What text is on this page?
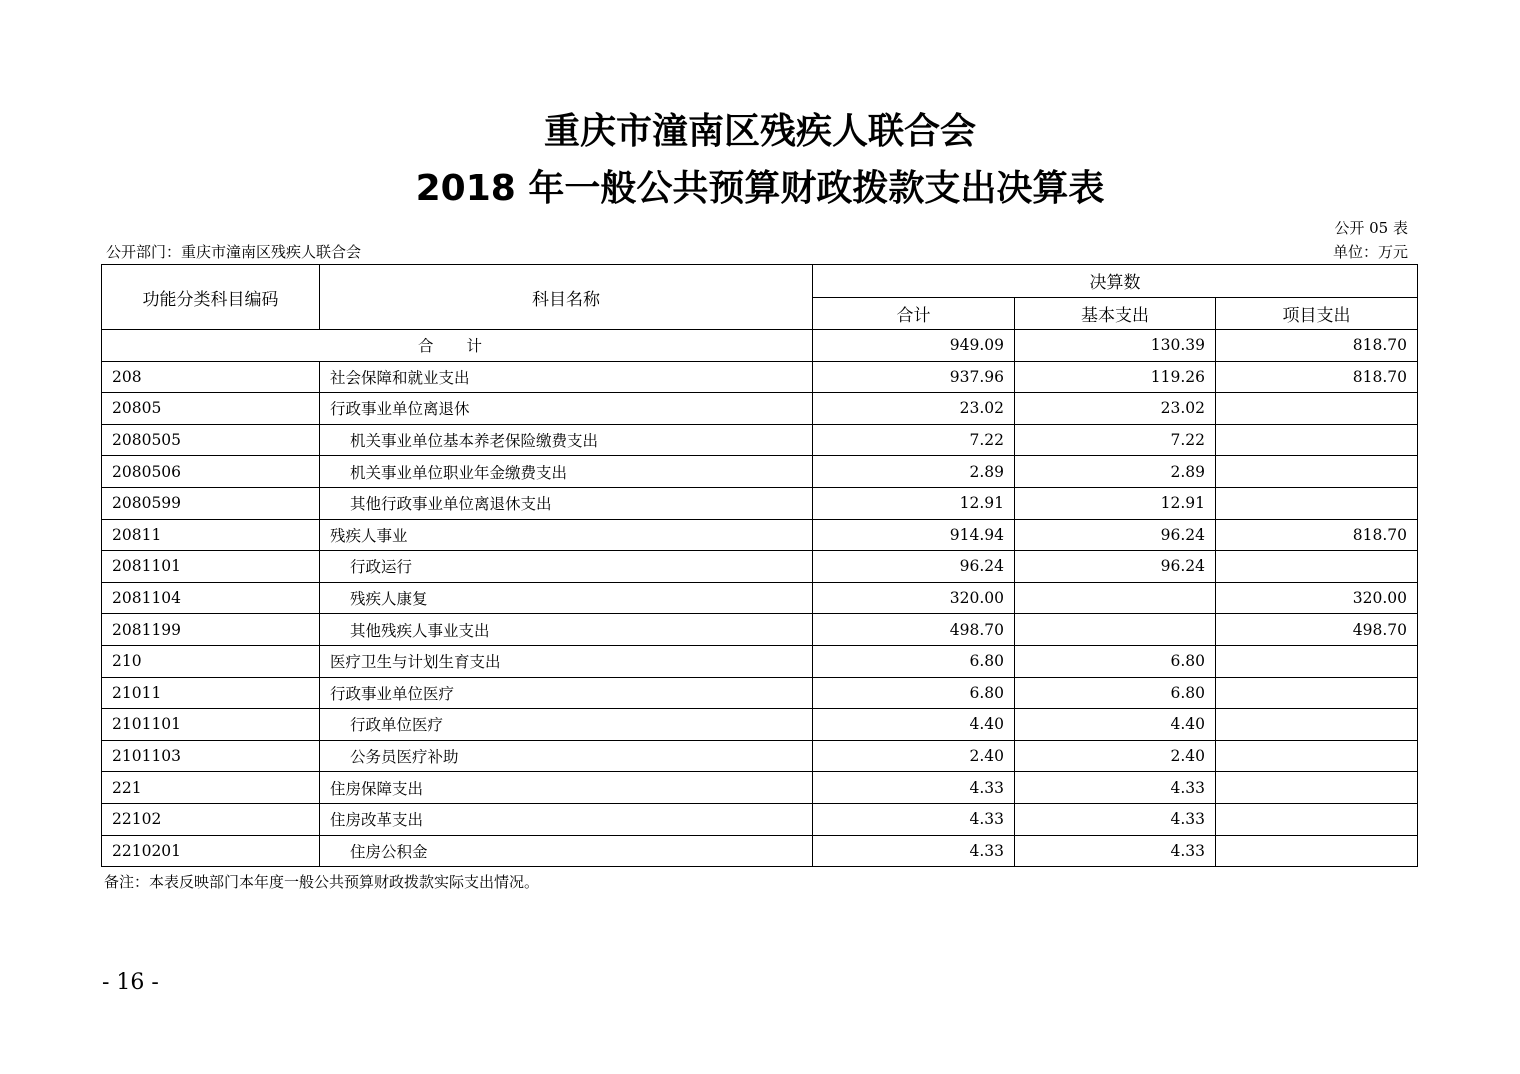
重庆市潼南区残疾人联合会
2018 年一般公共预算财政拨款支出决算表
公开 05 表
公开部门：重庆市潼南区残疾人联合会	单位：万元
功能分类科目编码	科目名称	决算数		
		合计	基本支出	项目支出
合 计		949.09	130.39	818.70
208	社会保障和就业支出	937.96	119.26	818.70
20805	行政事业单位离退休	23.02	23.02	
2080505	机关事业单位基本养老保险缴费支出	7.22	7.22	
2080506	机关事业单位职业年金缴费支出	2.89	2.89	
2080599	其他行政事业单位离退休支出	12.91	12.91	
20811	残疾人事业	914.94	96.24	818.70
2081101	行政运行	96.24	96.24	
2081104	残疾人康复	320.00		320.00
2081199	其他残疾人事业支出	498.70		498.70
210	医疗卫生与计划生育支出	6.80	6.80	
21011	行政事业单位医疗	6.80	6.80	
2101101	行政单位医疗	4.40	4.40	
2101103	公务员医疗补助	2.40	2.40	
221	住房保障支出	4.33	4.33	
22102	住房改革支出	4.33	4.33	
2210201	住房公积金	4.33	4.33	
备注：本表反映部门本年度一般公共预算财政拨款实际支出情况。
- 16 -
